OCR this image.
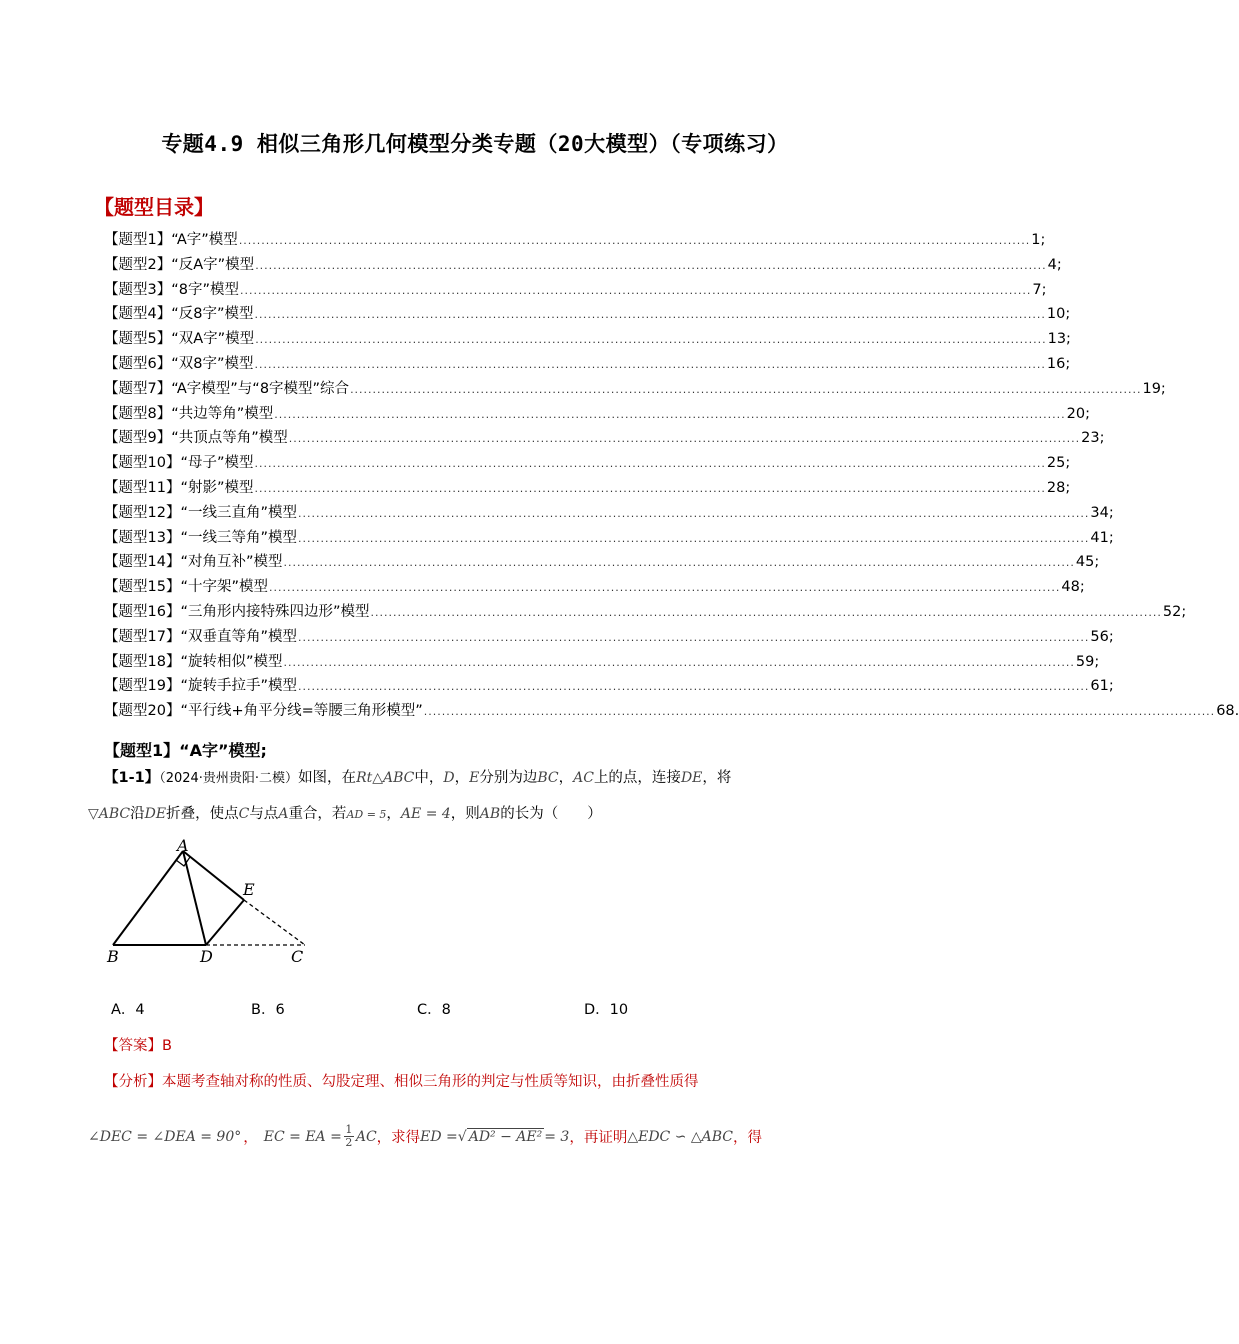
专题4.9 相似三角形几何模型分类专题（20大模型）（专项练习）
【题型目录】
【题型1】 “A字”模型 ................................................................................................................................................................................ 1;
【题型2】 “反A字”模型 ................................................................................................................................................................................ 4;
【题型3】 “8字”模型 ................................................................................................................................................................................ 7;
【题型4】 “反8字”模型 ................................................................................................................................................................................ 10;
【题型5】 “双A字”模型 ................................................................................................................................................................................ 13;
【题型6】 “双8字”模型 ................................................................................................................................................................................ 16;
【题型7】 “A字模型”与“8字模型”综合 ................................................................................................................................................................................ 19;
【题型8】 “共边等角”模型 ................................................................................................................................................................................ 20;
【题型9】 “共顶点等角”模型 ................................................................................................................................................................................ 23;
【题型10】 “母子”模型 ................................................................................................................................................................................ 25;
【题型11】 “射影”模型 ................................................................................................................................................................................ 28;
【题型12】 “一线三直角”模型 ................................................................................................................................................................................ 34;
【题型13】 “一线三等角”模型 ................................................................................................................................................................................ 41;
【题型14】 “对角互补”模型 ................................................................................................................................................................................ 45;
【题型15】 “十字架”模型 ................................................................................................................................................................................ 48;
【题型16】 “三角形内接特殊四边形”模型 ................................................................................................................................................................................ 52;
【题型17】 “双垂直等角”模型 ................................................................................................................................................................................ 56;
【题型18】 “旋转相似”模型 ................................................................................................................................................................................ 59;
【题型19】 “旋转手拉手”模型 ................................................................................................................................................................................ 61;
【题型20】 “平行线+角平分线=等腰三角形模型” ................................................................................................................................................................................ 68.
【题型1】“A字”模型;
【1-1】（2024·贵州贵阳·二模）如图，在Rt△ABC中，D，E分别为边BC，AC上的点，连接DE，将
▽ABC沿DE折叠，使点C与点A重合，若AD = 5，AE = 4，则AB的长为（　　）
A
B	D	C
E
A．4	B．6	C．8	D．10
【答案】B
【分析】本题考查轴对称的性质、勾股定理、相似三角形的判定与性质等知识，由折叠性质得
∠DEC = ∠DEA = 90° ， EC = EA = $\frac{1}{2}$ AC ，求得 ED = √ AD² − AE² = 3 ，再证明 △EDC ∽ △ABC ，得
